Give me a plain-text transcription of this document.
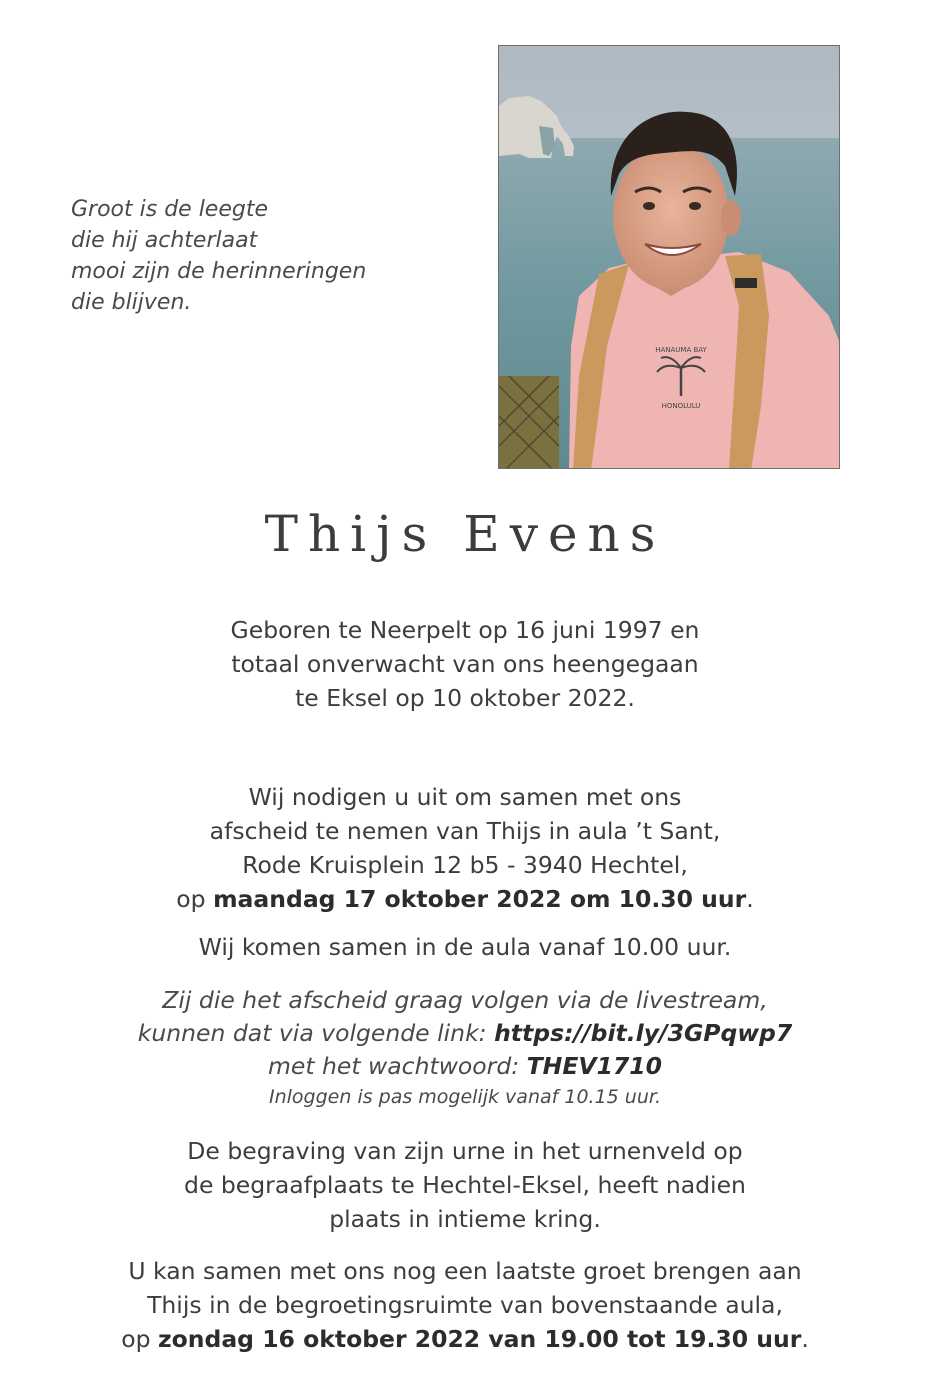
Groot is de leegte
die hij achterlaat
mooi zijn de herinneringen
die blijven.
HANAUMA BAY
HONOLULU
Thijs Evens
Geboren te Neerpelt op 16 juni 1997 en
totaal onverwacht van ons heengegaan
te Eksel op 10 oktober 2022.
Wij nodigen u uit om samen met ons
afscheid te nemen van Thijs in aula ’t Sant,
Rode Kruisplein 12 b5 - 3940 Hechtel,
op maandag 17 oktober 2022 om 10.30 uur.
Wij komen samen in de aula vanaf 10.00 uur.
Zij die het afscheid graag volgen via de livestream,
kunnen dat via volgende link: https://bit.ly/3GPqwp7
met het wachtwoord: THEV1710
Inloggen is pas mogelijk vanaf 10.15 uur.
De begraving van zijn urne in het urnenveld op
de begraafplaats te Hechtel-Eksel, heeft nadien
plaats in intieme kring.
U kan samen met ons nog een laatste groet brengen aan
Thijs in de begroetingsruimte van bovenstaande aula,
op zondag 16 oktober 2022 van 19.00 tot 19.30 uur.
